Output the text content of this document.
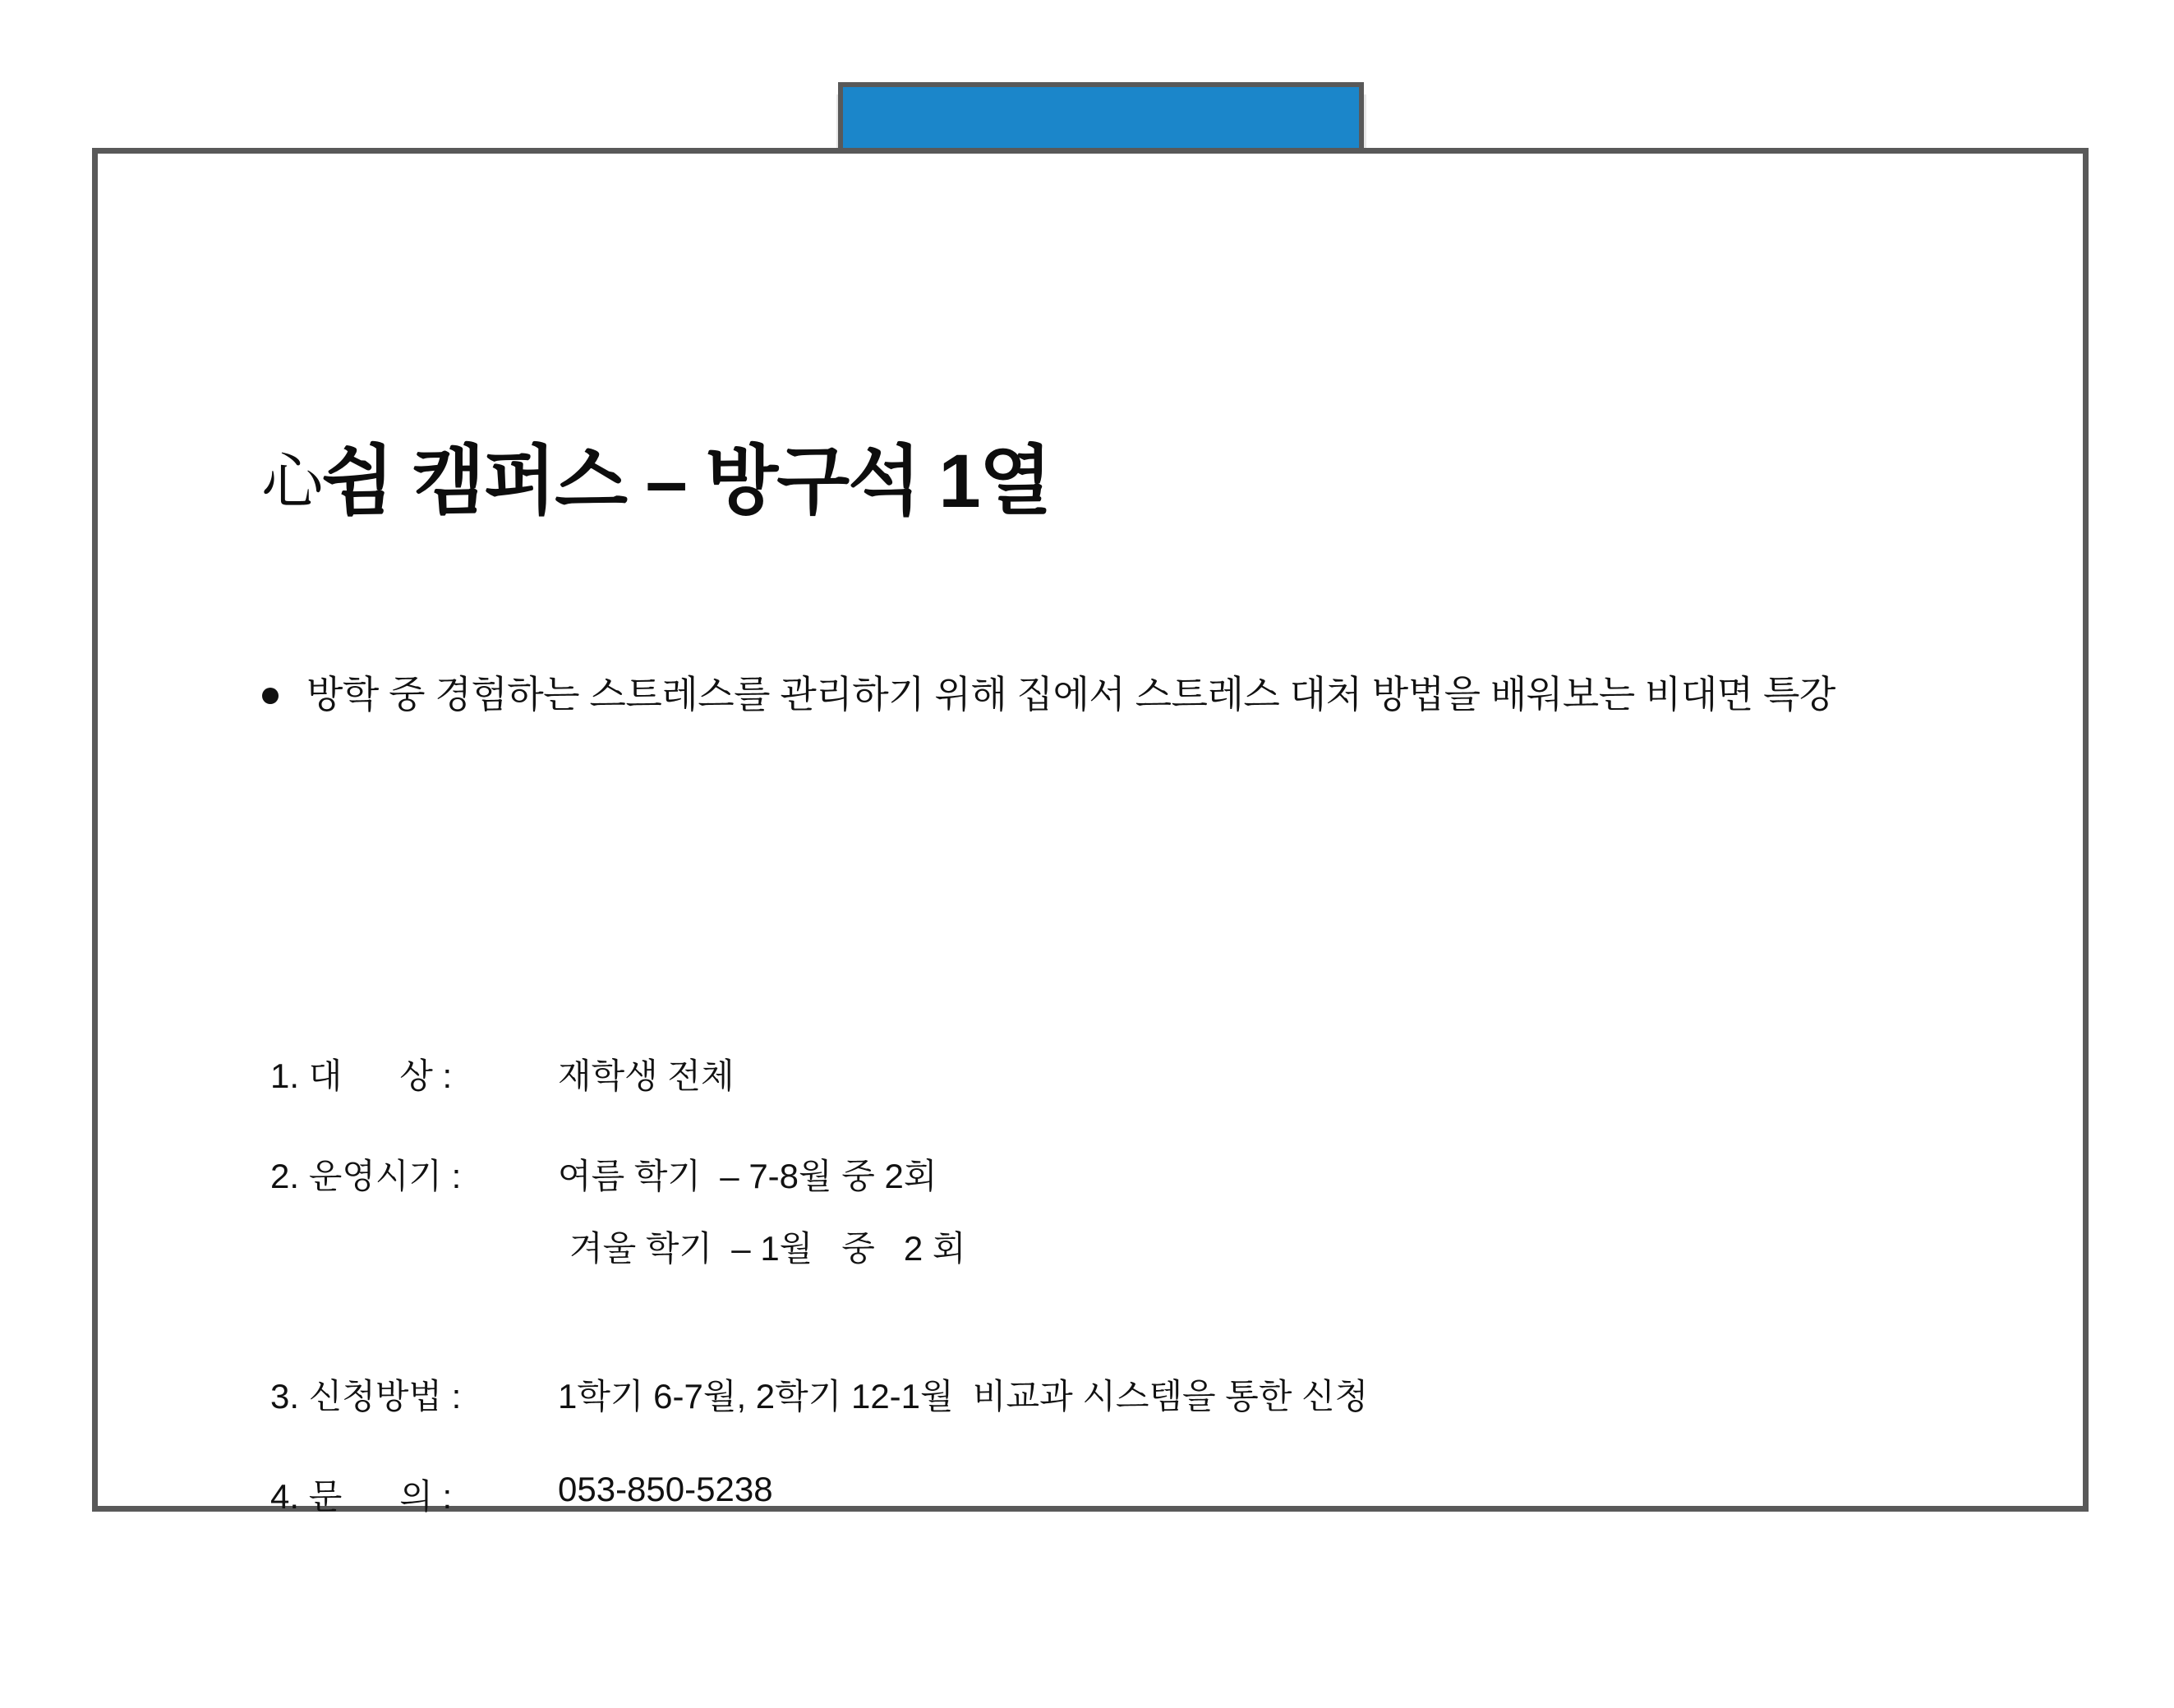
心쉼 캠퍼스 – 방구석 1열
방학 중 경험하는 스트레스를 관리하기 위해 집에서 스트레스 대처 방법을 배워보는 비대면 특강
1. 대      상 :	재학생 전체
2. 운영시기 :	여름 학기  – 7-8월 중 2회
겨울 학기  – 1월   중   2 회
3. 신청방법 :	1학기 6-7월, 2학기 12-1월  비교과 시스템을 통한 신청
4. 문      의 :	053-850-5238
